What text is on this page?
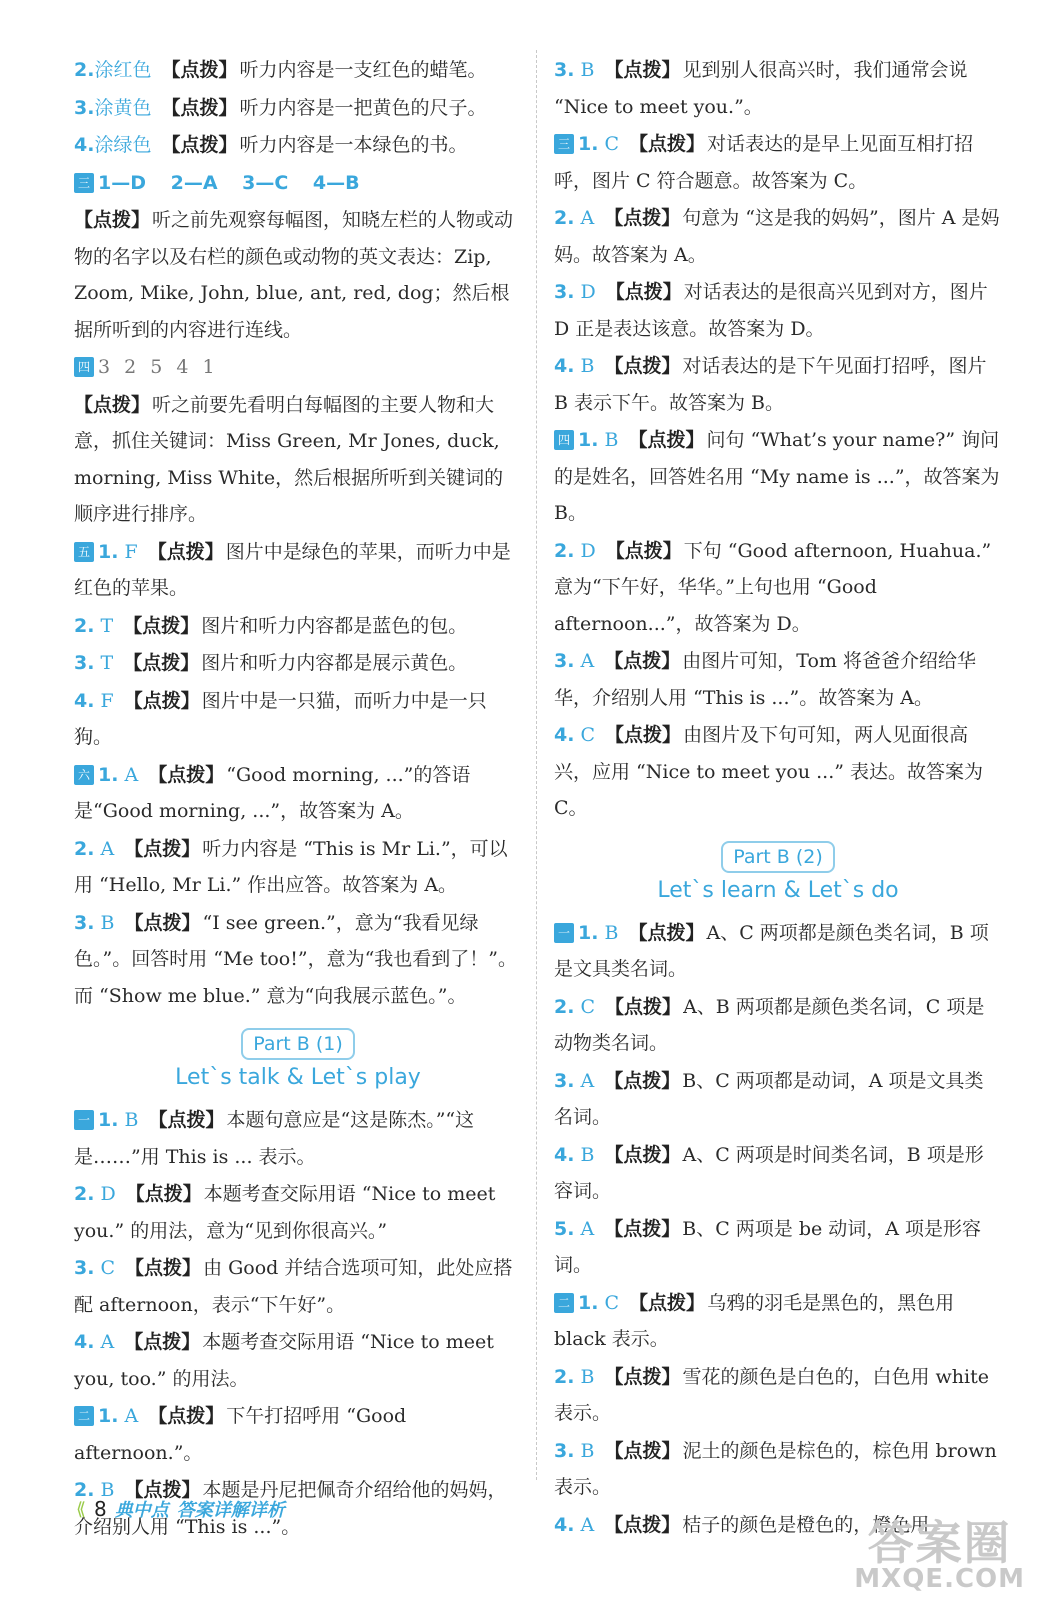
2.涂红色 【点拨】 听力内容是一支红色的蜡笔。
3.涂黄色 【点拨】 听力内容是一把黄色的尺子。
4.涂绿色 【点拨】 听力内容是一本绿色的书。
三 1—D 2—A 3—C 4—B
【点拨】 听之前先观察每幅图，知晓左栏的人物或动物的名字以及右栏的颜色或动物的英文表达：Zip, Zoom, Mike, John, blue, ant, red, dog；然后根据所听到的内容进行连线。
四 3 2 5 4 1
【点拨】 听之前要先看明白每幅图的主要人物和大意，抓住关键词：Miss Green, Mr Jones, duck, morning, Miss White，然后根据所听到关键词的顺序进行排序。
五 1. F 【点拨】 图片中是绿色的苹果，而听力中是红色的苹果。
2. T 【点拨】 图片和听力内容都是蓝色的包。
3. T 【点拨】 图片和听力内容都是展示黄色。
4. F 【点拨】 图片中是一只猫，而听力中是一只狗。
六 1. A 【点拨】 “Good morning, ...”的答语是“Good morning, ...”，故答案为 A。
2. A 【点拨】 听力内容是 “This is Mr Li.”，可以用 “Hello, Mr Li.” 作出应答。故答案为 A。
3. B 【点拨】 “I see green.”，意为“我看见绿色。”。回答时用 “Me too!”，意为“我也看到了！”。而 “Show me blue.” 意为“向我展示蓝色。”。
Part B (1)
Let`s talk & Let`s play
一 1. B 【点拨】 本题句意应是“这是陈杰。”“这是……”用 This is ... 表示。
2. D 【点拨】 本题考查交际用语 “Nice to meet you.” 的用法，意为“见到你很高兴。”
3. C 【点拨】 由 Good 并结合选项可知，此处应搭配 afternoon，表示“下午好”。
4. A 【点拨】 本题考查交际用语 “Nice to meet you, too.” 的用法。
二 1. A 【点拨】 下午打招呼用 “Good afternoon.”。
2. B 【点拨】 本题是丹尼把佩奇介绍给他的妈妈，介绍别人用 “This is ...”。
3. B 【点拨】 见到别人很高兴时，我们通常会说 “Nice to meet you.”。
三 1. C 【点拨】 对话表达的是早上见面互相打招呼，图片 C 符合题意。故答案为 C。
2. A 【点拨】 句意为 “这是我的妈妈”，图片 A 是妈妈。故答案为 A。
3. D 【点拨】 对话表达的是很高兴见到对方，图片 D 正是表达该意。故答案为 D。
4. B 【点拨】 对话表达的是下午见面打招呼，图片 B 表示下午。故答案为 B。
四 1. B 【点拨】 问句 “What’s your name?” 询问的是姓名，回答姓名用 “My name is ...”，故答案为 B。
2. D 【点拨】 下句 “Good afternoon, Huahua.” 意为“下午好，华华。”上句也用 “Good afternoon...”，故答案为 D。
3. A 【点拨】 由图片可知，Tom 将爸爸介绍给华华，介绍别人用 “This is ...”。故答案为 A。
4. C 【点拨】 由图片及下句可知，两人见面很高兴，应用 “Nice to meet you ...” 表达。故答案为 C。
Part B (2)
Let`s learn & Let`s do
一 1. B 【点拨】 A、C 两项都是颜色类名词，B 项是文具类名词。
2. C 【点拨】 A、B 两项都是颜色类名词，C 项是动物类名词。
3. A 【点拨】 B、C 两项都是动词，A 项是文具类名词。
4. B 【点拨】 A、C 两项是时间类名词，B 项是形容词。
5. A 【点拨】 B、C 两项是 be 动词，A 项是形容词。
二 1. C 【点拨】 乌鸦的羽毛是黑色的，黑色用 black 表示。
2. B 【点拨】 雪花的颜色是白色的，白色用 white 表示。
3. B 【点拨】 泥土的颜色是棕色的，棕色用 brown 表示。
4. A 【点拨】 桔子的颜色是橙色的，橙色用
⟪ 8 典中点 答案详解详析
答案圈
MXQE.COM
